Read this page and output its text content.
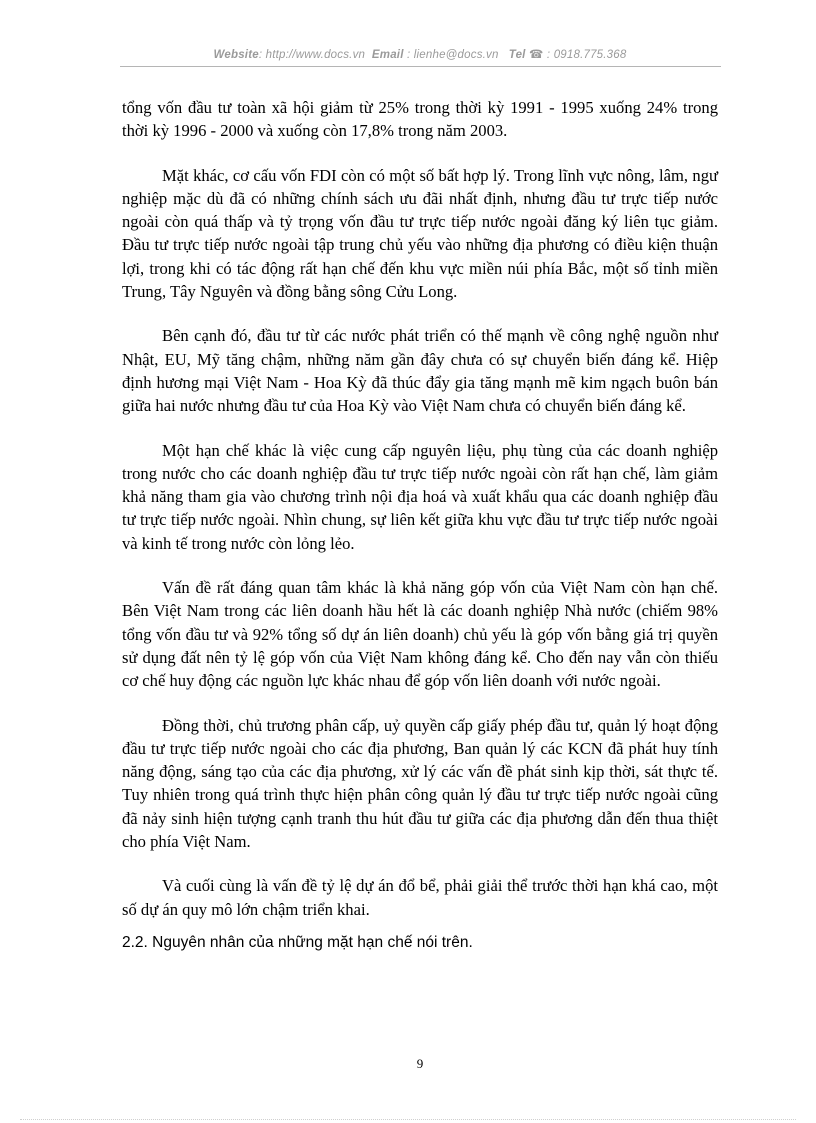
Website: http://www.docs.vn Email : lienhe@docs.vn Tel ☎ : 0918.775.368

tổng vốn đầu tư toàn xã hội giảm từ 25% trong thời kỳ 1991 - 1995 xuống 24% trong thời kỳ 1996 - 2000 và xuống còn 17,8% trong năm 2003.

Mặt khác, cơ cấu vốn FDI còn có một số bất hợp lý. Trong lĩnh vực nông, lâm, ngư nghiệp mặc dù đã có những chính sách ưu đãi nhất định, nhưng đầu tư trực tiếp nước ngoài còn quá thấp và tỷ trọng vốn đầu tư trực tiếp nước ngoài đăng ký liên tục giảm. Đầu tư trực tiếp nước ngoài tập trung chủ yếu vào những địa phương có điều kiện thuận lợi, trong khi có tác động rất hạn chế đến khu vực miền núi phía Bắc, một số tỉnh miền Trung, Tây Nguyên và đồng bằng sông Cửu Long.

Bên cạnh đó, đầu tư từ các nước phát triển có thế mạnh về công nghệ nguồn như Nhật, EU, Mỹ tăng chậm, những năm gần đây chưa có sự chuyển biến đáng kể. Hiệp định hương mại Việt Nam - Hoa Kỳ đã thúc đẩy gia tăng mạnh mẽ kim ngạch buôn bán giữa hai nước nhưng đầu tư của Hoa Kỳ vào Việt Nam chưa có chuyển biến đáng kể.

Một hạn chế khác là việc cung cấp nguyên liệu, phụ tùng của các doanh nghiệp trong nước cho các doanh nghiệp đầu tư trực tiếp nước ngoài còn rất hạn chế, làm giảm khả năng tham gia vào chương trình nội địa hoá và xuất khẩu qua các doanh nghiệp đầu tư trực tiếp nước ngoài. Nhìn chung, sự liên kết giữa khu vực đầu tư trực tiếp nước ngoài và kinh tế trong nước còn lỏng lẻo.

Vấn đề rất đáng quan tâm khác là khả năng góp vốn của Việt Nam còn hạn chế. Bên Việt Nam trong các liên doanh hầu hết là các doanh nghiệp Nhà nước (chiếm 98% tổng vốn đầu tư và 92% tổng số dự án liên doanh) chủ yếu là góp vốn bằng giá trị quyền sử dụng đất nên tỷ lệ góp vốn của Việt Nam không đáng kể. Cho đến nay vẫn còn thiếu cơ chế huy động các nguồn lực khác nhau để góp vốn liên doanh với nước ngoài.

Đồng thời, chủ trương phân cấp, uỷ quyền cấp giấy phép đầu tư, quản lý hoạt động đầu tư trực tiếp nước ngoài cho các địa phương, Ban quản lý các KCN đã phát huy tính năng động, sáng tạo của các địa phương, xử lý các vấn đề phát sinh kịp thời, sát thực tế. Tuy nhiên trong quá trình thực hiện phân công quản lý đầu tư trực tiếp nước ngoài cũng đã nảy sinh hiện tượng cạnh tranh thu hút đầu tư giữa các địa phương dẫn đến thua thiệt cho phía Việt Nam.

Và cuối cùng là vấn đề tỷ lệ dự án đổ bể, phải giải thể trước thời hạn khá cao, một số dự án quy mô lớn chậm triển khai.

2.2. Nguyên nhân của những mặt hạn chế nói trên.
9
